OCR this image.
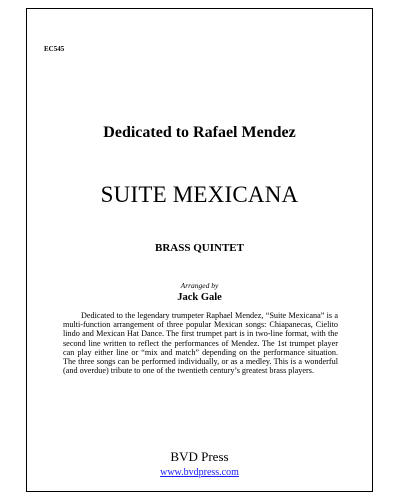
EC545
Dedicated to Rafael Mendez
SUITE MEXICANA
BRASS QUINTET
Arranged by
Jack Gale

Dedicated to the legendary trumpeter Raphael Mendez, “Suite Mexicana” is a multi-function arrangement of three popular Mexican songs: Chiapanecas, Cielito lindo and Mexican Hat Dance. The first trumpet part is in two-line format, with the second line written to reflect the performances of Mendez. The 1st trumpet player can play either line or “mix and match” depending on the performance situation. The three songs can be performed individually, or as a medley. This is a wonderful (and overdue) tribute to one of the twentieth century’s greatest brass players.

BVD Press
www.bvdpress.com
